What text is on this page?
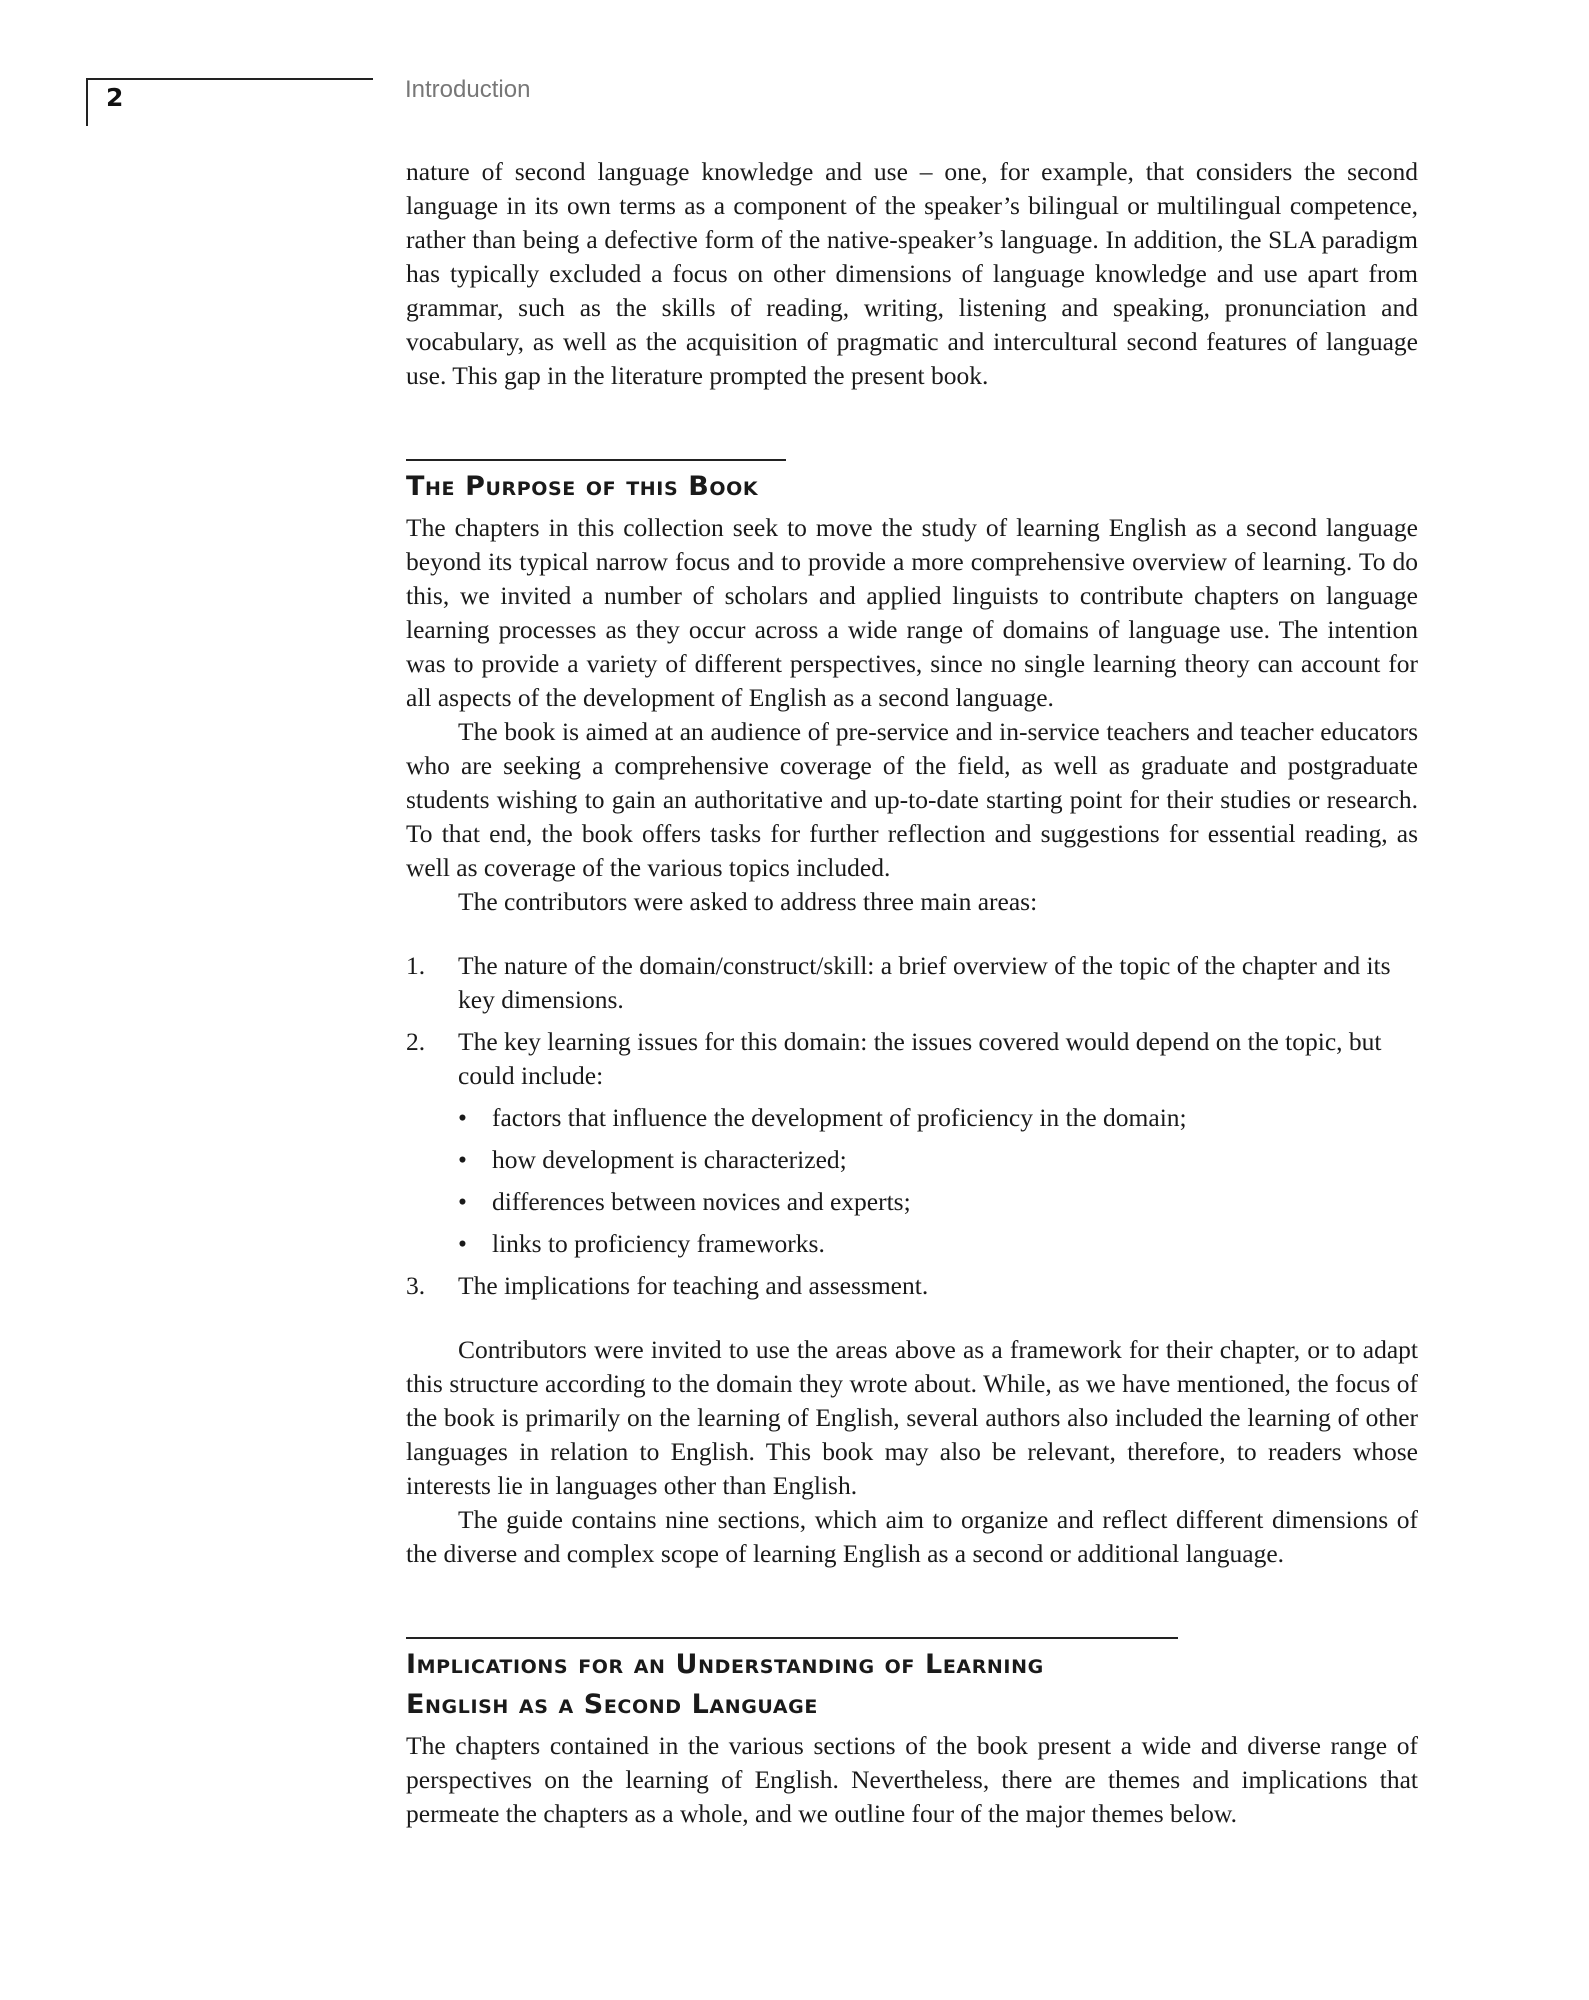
2	Introduction

nature of second language knowledge and use – one, for example, that considers the second language in its own terms as a component of the speaker’s bilingual or multilingual competence, rather than being a defective form of the native-speaker’s language. In addition, the SLA paradigm has typically excluded a focus on other dimensions of language knowledge and use apart from grammar, such as the skills of reading, writing, listening and speaking, pronunciation and vocabulary, as well as the acquisition of pragmatic and intercultural second features of language use. This gap in the literature prompted the present book.

The Purpose of this Book

The chapters in this collection seek to move the study of learning English as a second language beyond its typical narrow focus and to provide a more comprehensive overview of learning. To do this, we invited a number of scholars and applied linguists to contribute chapters on language learning processes as they occur across a wide range of domains of language use. The intention was to provide a variety of different perspectives, since no single learning theory can account for all aspects of the development of English as a second language.

The book is aimed at an audience of pre-service and in-service teachers and teacher educators who are seeking a comprehensive coverage of the field, as well as graduate and postgraduate students wishing to gain an authoritative and up-to-date starting point for their studies or research. To that end, the book offers tasks for further reflection and suggestions for essential reading, as well as coverage of the various topics included.

The contributors were asked to address three main areas:

1. The nature of the domain/construct/skill: a brief overview of the topic of the chapter and its key dimensions.
2. The key learning issues for this domain: the issues covered would depend on the topic, but could include:
• factors that influence the development of proficiency in the domain;
• how development is characterized;
• differences between novices and experts;
• links to proficiency frameworks.
3. The implications for teaching and assessment.

Contributors were invited to use the areas above as a framework for their chapter, or to adapt this structure according to the domain they wrote about. While, as we have mentioned, the focus of the book is primarily on the learning of English, several authors also included the learning of other languages in relation to English. This book may also be relevant, therefore, to readers whose interests lie in languages other than English.

The guide contains nine sections, which aim to organize and reflect different dimensions of the diverse and complex scope of learning English as a second or additional language.

Implications for an Understanding of Learning
English as a Second Language

The chapters contained in the various sections of the book present a wide and diverse range of perspectives on the learning of English. Nevertheless, there are themes and implications that permeate the chapters as a whole, and we outline four of the major themes below.
